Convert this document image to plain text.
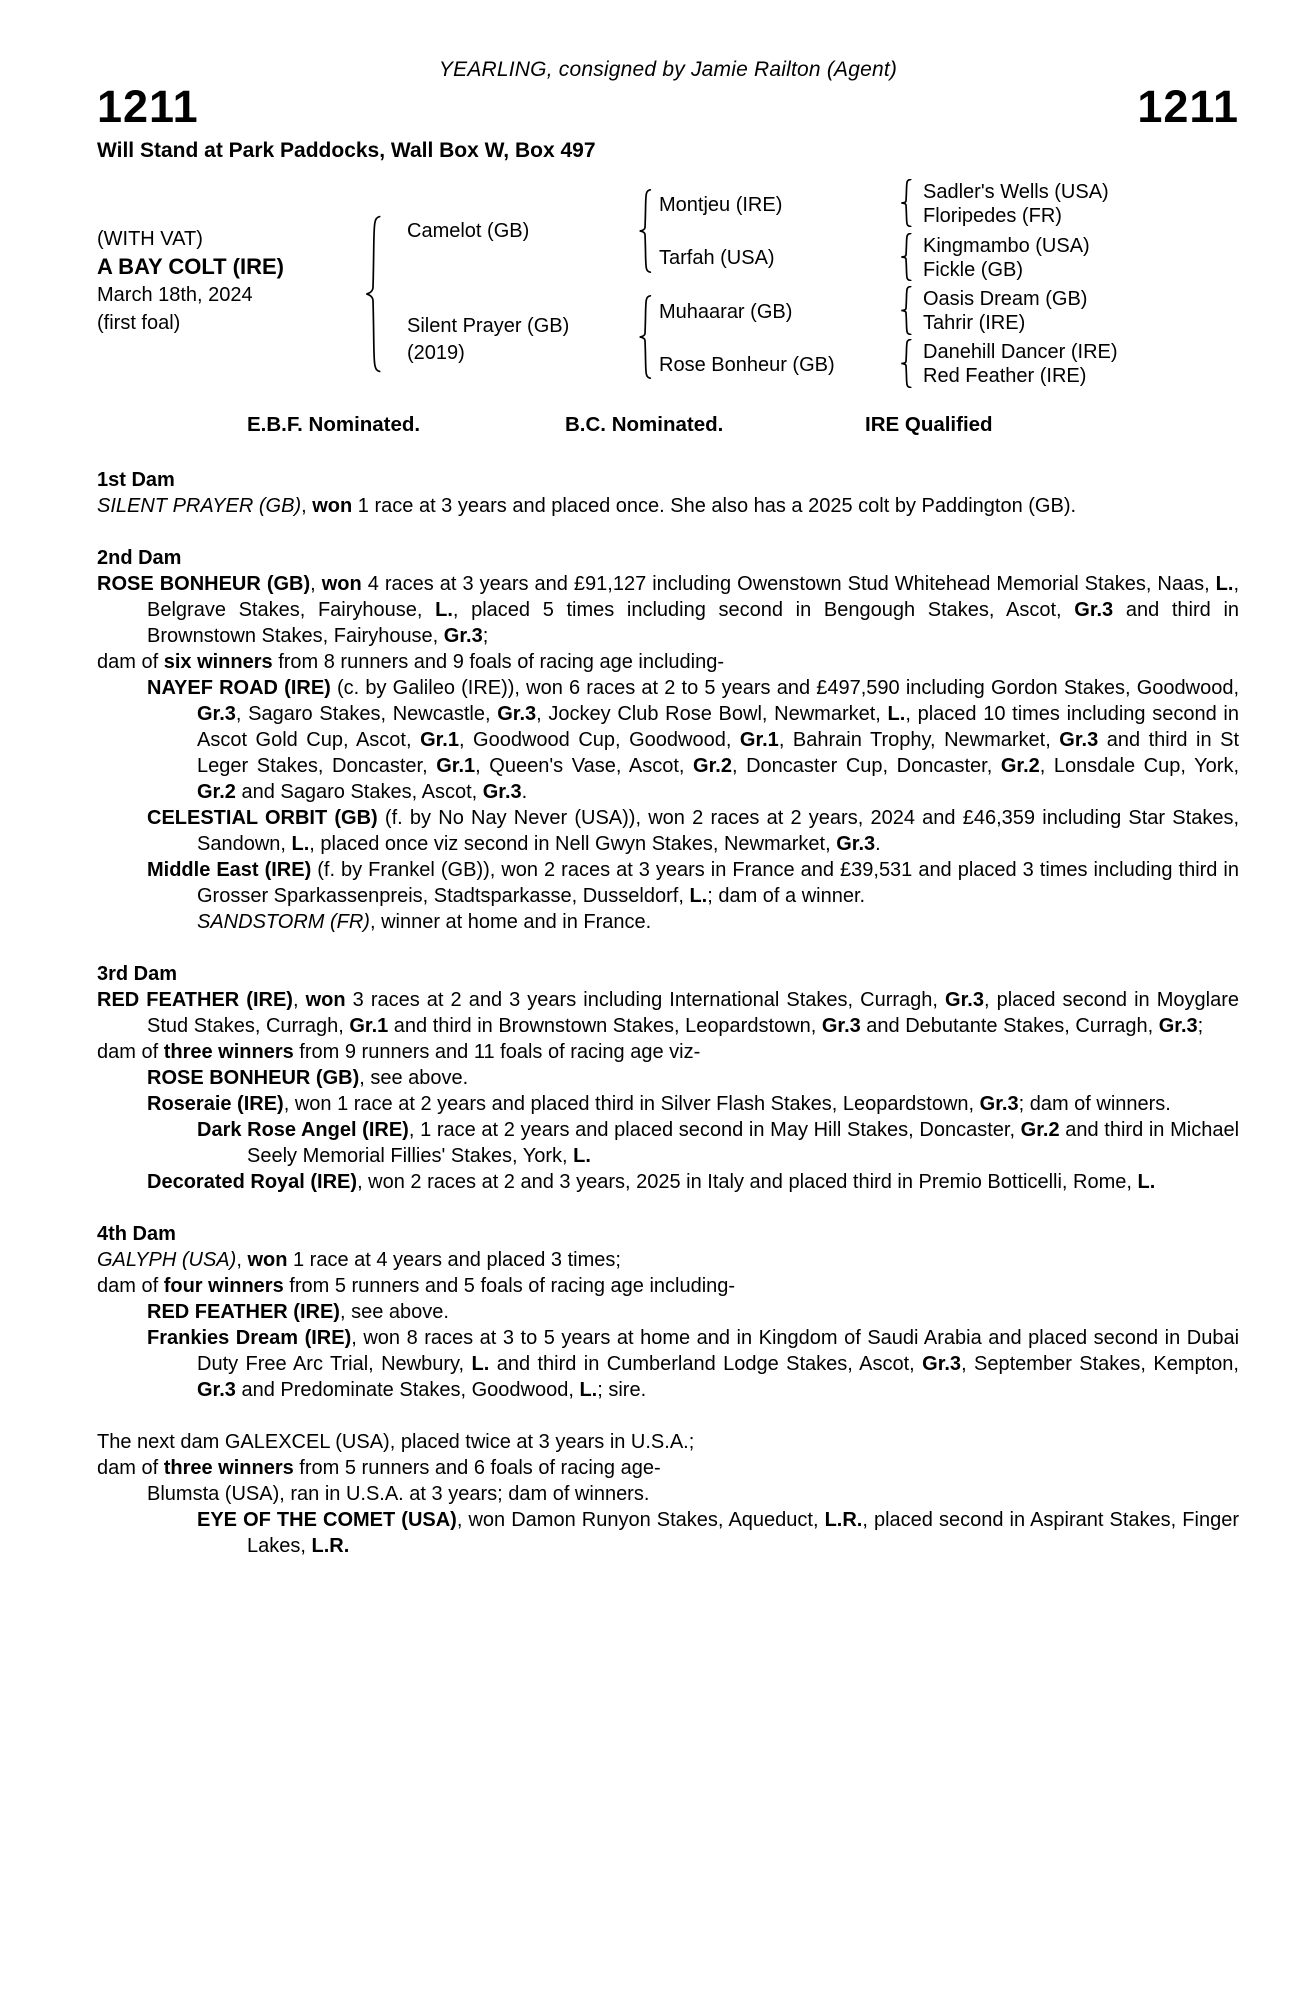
YEARLING, consigned by Jamie Railton (Agent)
1211	1211
Will Stand at Park Paddocks, Wall Box W, Box 497
(WITH VAT)
A BAY COLT (IRE)
March 18th, 2024
(first foal)
Camelot (GB)
Silent Prayer (GB)
(2019)
Montjeu (IRE)
Tarfah (USA)
Muhaarar (GB)
Rose Bonheur (GB)
Sadler's Wells (USA)
Floripedes (FR)
Kingmambo (USA)
Fickle (GB)
Oasis Dream (GB)
Tahrir (IRE)
Danehill Dancer (IRE)
Red Feather (IRE)
E.B.F. Nominated.	B.C. Nominated.	IRE Qualified
1st Dam

SILENT PRAYER (GB), won 1 race at 3 years and placed once. She also has a 2025 colt by Paddington (GB).

2nd Dam

ROSE BONHEUR (GB), won 4 races at 3 years and £91,127 including Owenstown Stud Whitehead Memorial Stakes, Naas, L., Belgrave Stakes, Fairyhouse, L., placed 5 times including second in Bengough Stakes, Ascot, Gr.3 and third in Brownstown Stakes, Fairyhouse, Gr.3;

dam of six winners from 8 runners and 9 foals of racing age including-

NAYEF ROAD (IRE) (c. by Galileo (IRE)), won 6 races at 2 to 5 years and £497,590 including Gordon Stakes, Goodwood, Gr.3, Sagaro Stakes, Newcastle, Gr.3, Jockey Club Rose Bowl, Newmarket, L., placed 10 times including second in Ascot Gold Cup, Ascot, Gr.1, Goodwood Cup, Goodwood, Gr.1, Bahrain Trophy, Newmarket, Gr.3 and third in St Leger Stakes, Doncaster, Gr.1, Queen's Vase, Ascot, Gr.2, Doncaster Cup, Doncaster, Gr.2, Lonsdale Cup, York, Gr.2 and Sagaro Stakes, Ascot, Gr.3.

CELESTIAL ORBIT (GB) (f. by No Nay Never (USA)), won 2 races at 2 years, 2024 and £46,359 including Star Stakes, Sandown, L., placed once viz second in Nell Gwyn Stakes, Newmarket, Gr.3.

Middle East (IRE) (f. by Frankel (GB)), won 2 races at 3 years in France and £39,531 and placed 3 times including third in Grosser Sparkassenpreis, Stadtsparkasse, Dusseldorf, L.; dam of a winner.

SANDSTORM (FR), winner at home and in France.

3rd Dam

RED FEATHER (IRE), won 3 races at 2 and 3 years including International Stakes, Curragh, Gr.3, placed second in Moyglare Stud Stakes, Curragh, Gr.1 and third in Brownstown Stakes, Leopardstown, Gr.3 and Debutante Stakes, Curragh, Gr.3;

dam of three winners from 9 runners and 11 foals of racing age viz-

ROSE BONHEUR (GB), see above.

Roseraie (IRE), won 1 race at 2 years and placed third in Silver Flash Stakes, Leopardstown, Gr.3; dam of winners.

Dark Rose Angel (IRE), 1 race at 2 years and placed second in May Hill Stakes, Doncaster, Gr.2 and third in Michael Seely Memorial Fillies' Stakes, York, L.

Decorated Royal (IRE), won 2 races at 2 and 3 years, 2025 in Italy and placed third in Premio Botticelli, Rome, L.

4th Dam

GALYPH (USA), won 1 race at 4 years and placed 3 times;

dam of four winners from 5 runners and 5 foals of racing age including-

RED FEATHER (IRE), see above.

Frankies Dream (IRE), won 8 races at 3 to 5 years at home and in Kingdom of Saudi Arabia and placed second in Dubai Duty Free Arc Trial, Newbury, L. and third in Cumberland Lodge Stakes, Ascot, Gr.3, September Stakes, Kempton, Gr.3 and Predominate Stakes, Goodwood, L.; sire.

The next dam GALEXCEL (USA), placed twice at 3 years in U.S.A.;

dam of three winners from 5 runners and 6 foals of racing age-

Blumsta (USA), ran in U.S.A. at 3 years; dam of winners.

EYE OF THE COMET (USA), won Damon Runyon Stakes, Aqueduct, L.R., placed second in Aspirant Stakes, Finger Lakes, L.R.
